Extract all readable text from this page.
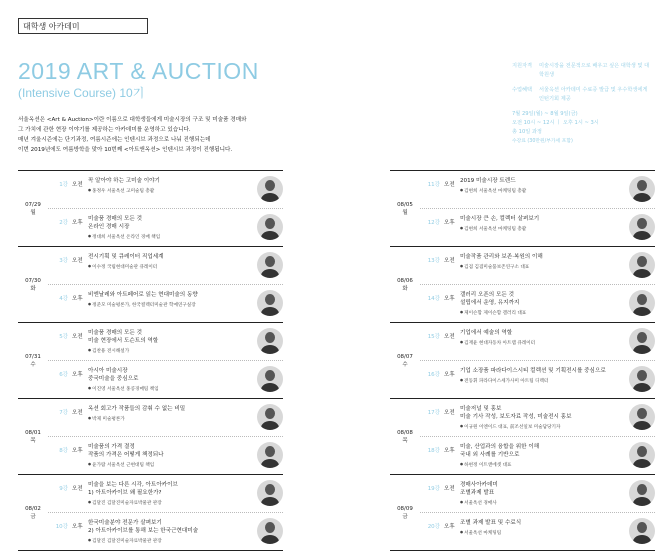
대학생 아카데미
2019 ART & AUCTION
(Intensive Course) 10기
서울옥션은 <Art & Auction>이란 이름으로 대학생들에게 미술시장의 구조 및 미술품 경매와
그 가치에 관한 현장 이야기를 제공하는 아카데미를 운영하고 있습니다.
매년 겨울시즌에는 단기과정, 여름시즌에는 인텐시브 과정으로 나눠 진행되는데
이번 2019년에도 여름방학을 맞아 10번째 <아트앤옥션> 인텐시브 과정이 진행됩니다.
지원자격	미술시장을 전문적으로 배우고 싶은 대학생 및 대학원생
수업혜택	서울옥션 아카데미 수료증 발급 및 우수학생에게 인턴기회 제공
7월 29일(월) ~ 8월 9일(금)
오전 10시 ~ 12시 ㅣ 오후 1시 ~ 3시
총 10일 과정
수강료 (30만원/부가세 포함)
07/29
월
1강 오전
꼭 알아야 하는 고미술 이야기
● 홍정우 서울옥션 고미술팀 총괄
2강 오후
미술품 경매의 모든 것
온라인 경매 시장
● 정대희 서울옥션 온라인 경매 책임
07/30
화
3강 오전
전시기획 및 큐레이터 직업세계
● 이수정 국립현대미술관 큐레이터
4강 오후
비엔날레와 아트페어로 읽는 현대미술의 동향
● 정준모 미술평론가, 한국컬렉터미술관 학예연구실장
07/31
수
5강 오전
미술품 경매의 모든 것
미술 현장에서 도슨트의 역할
● 김찬용 전시해설가
6강 오후
아시아 미술시장
중국미술을 중심으로
● 이진영 서울옥션 홍콩경매팀 책임
08/01
목
7강 오전
옥션 회고가 작품들의 감춰 수 없는 비밀
● 박제 미술평론가
8강 오후
미술품의 가격 결정
작품의 가격은 어떻게 책정되나
● 윤가람 서울옥션 근현대팀 책임
08/02
금
9강 오전
미술을 보는 다른 시각, 아트아카이브
1) 아트아카이브 왜 필요한가?
● 김달진 김달진미술자료박물관 관장
10강 오후
한국미술분야 전문가 살펴보기
2) 아트아카이브를 통해 보는 한국근현대미술
● 김달진 김달진미술자료박물관 관장
08/05
월
11강 오전
2019 미술시장 트렌드
● 김현희 서울옥션 마케팅팀 총괄
12강 오후
미술시장 큰 손, 컬렉터 살펴보기
● 김현희 서울옥션 마케팅팀 총괄
08/06
화
13강 오전
미술작품 관리와 보존·복원의 이해
● 김겸 김겸미술품보존연구소 대표
14강 오후
갤러리 오픈의 모든 것
설립에서 운영, 유지까지
● 제이슨함 제이슨함 갤러리 대표
08/07
수
15강 오전
기업에서 예술의 역할
● 김재윤 현대자동차 아트랩 큐레이터
16강 오후
기업 소장품 파라다이스시티 컬렉션 및 기획전시를 중심으로
● 전동휘 파라다이스세가사미 아트팀 디렉터
08/08
목
17강 오전
미술저널 및 홍보
미술 기사 작성, 보도자료 작성, 미술전시 홍보
● 이규원 이엔이드 대표, 前조선일보 미술담당기자
18강 오후
미술, 산업과의 융합을 위한 이해
국내 외 사례를 기반으로
● 하현정 이트앤에셋 대표
08/09
금
19강 오전
경매사아카데미
조별과제 발표
● 서울옥션 경매사
20강 오후
조별 과제 발표 및 수료식
● 서울옥션 마케팅팀
